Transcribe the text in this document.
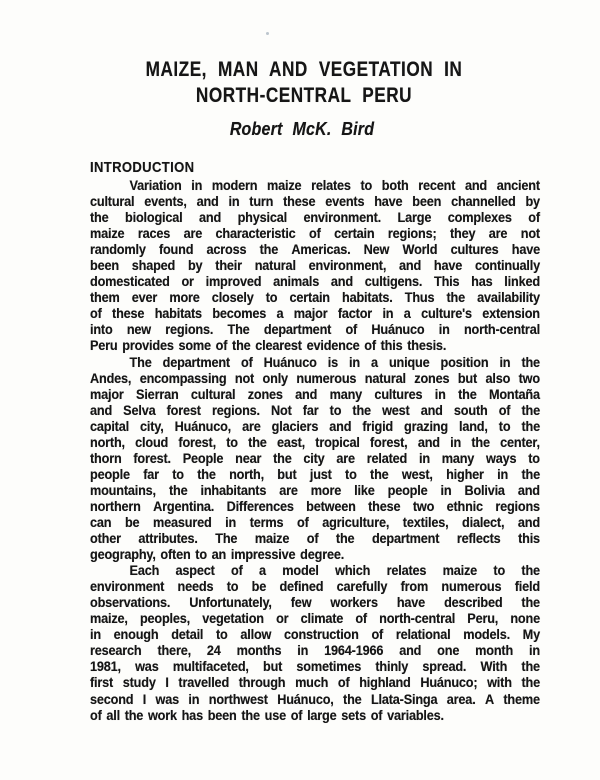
MAIZE, MAN AND VEGETATION IN
NORTH-CENTRAL PERU
Robert McK. Bird
INTRODUCTION
Variation in modern maize relates to both recent and ancient
cultural events, and in turn these events have been channelled by
the biological and physical environment. Large complexes of
maize races are characteristic of certain regions; they are not
randomly found across the Americas. New World cultures have
been shaped by their natural environment, and have continually
domesticated or improved animals and cultigens. This has linked
them ever more closely to certain habitats. Thus the availability
of these habitats becomes a major factor in a culture's extension
into new regions. The department of Huánuco in north-central
Peru provides some of the clearest evidence of this thesis.
The department of Huánuco is in a unique position in the
Andes, encompassing not only numerous natural zones but also two
major Sierran cultural zones and many cultures in the Montaña
and Selva forest regions. Not far to the west and south of the
capital city, Huánuco, are glaciers and frigid grazing land, to the
north, cloud forest, to the east, tropical forest, and in the center,
thorn forest. People near the city are related in many ways to
people far to the north, but just to the west, higher in the
mountains, the inhabitants are more like people in Bolivia and
northern Argentina. Differences between these two ethnic regions
can be measured in terms of agriculture, textiles, dialect, and
other attributes. The maize of the department reflects this
geography, often to an impressive degree.
Each aspect of a model which relates maize to the
environment needs to be defined carefully from numerous field
observations. Unfortunately, few workers have described the
maize, peoples, vegetation or climate of north-central Peru, none
in enough detail to allow construction of relational models. My
research there, 24 months in 1964-1966 and one month in
1981, was multifaceted, but sometimes thinly spread. With the
first study I travelled through much of highland Huánuco; with the
second I was in northwest Huánuco, the Llata-Singa area. A theme
of all the work has been the use of large sets of variables.
